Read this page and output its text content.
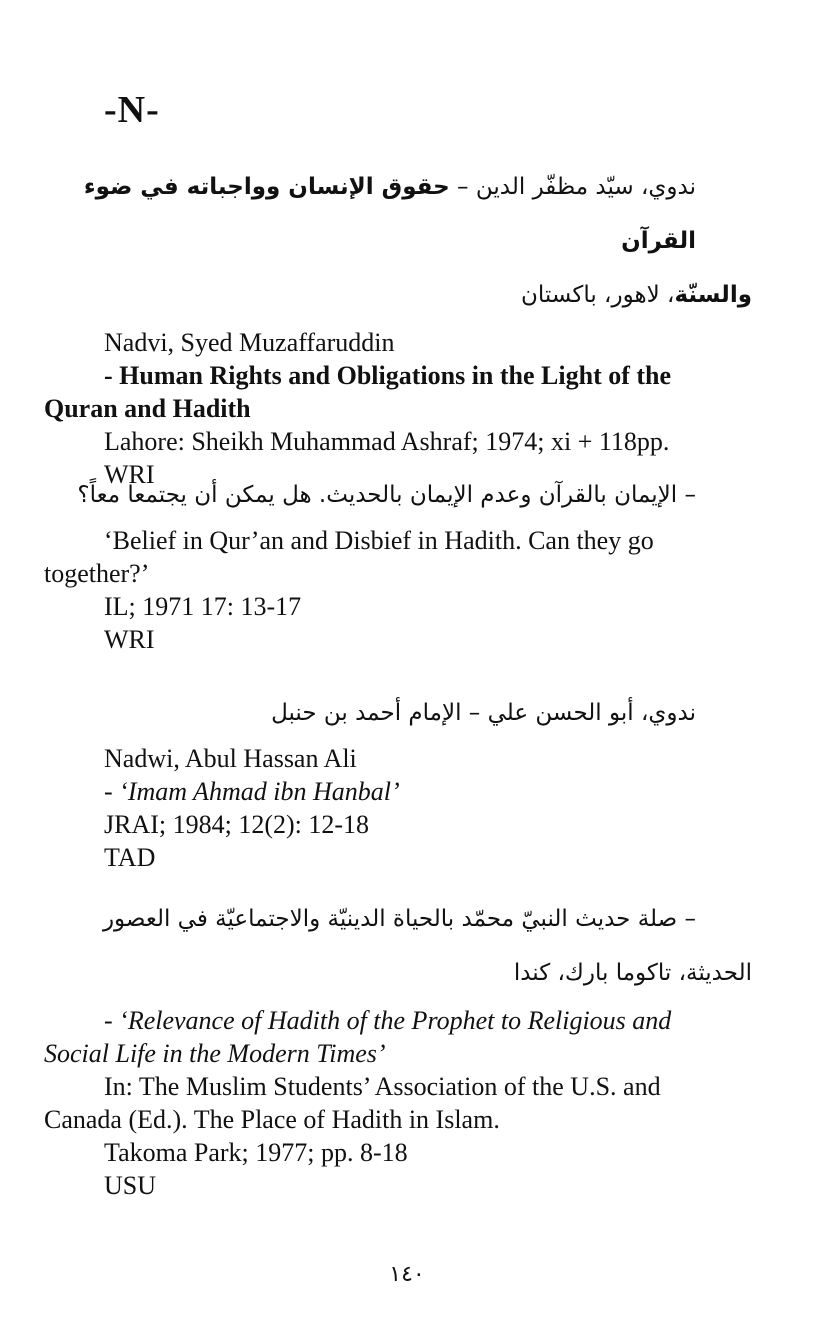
-N-
ندوي، سيّد مظفّر الدين – حقوق الإنسان وواجباته في ضوء القرآن
والسنّة، لاهور، باكستان

Nadvi, Syed Muzaffaruddin

- Human Rights and Obligations in the Light of the

Quran and Hadith

Lahore: Sheikh Muhammad Ashraf; 1974; xi + 118pp.

WRI

– الإيمان بالقرآن وعدم الإيمان بالحديث. هل يمكن أن يجتمعا معاً؟

‘Belief in Qur’an and Disbief in Hadith. Can they go

together?’

IL; 1971 17: 13-17

WRI

ندوي، أبو الحسن علي – الإمام أحمد بن حنبل

Nadwi, Abul Hassan Ali

- ‘Imam Ahmad ibn Hanbal’

JRAI; 1984; 12(2): 12-18

TAD

– صلة حديث النبيّ محمّد بالحياة الدينيّة والاجتماعيّة في العصور
الحديثة، تاكوما بارك، كندا

- ‘Relevance of Hadith of the Prophet to Religious and

Social Life in the Modern Times’

In: The Muslim Students’ Association of the U.S. and

Canada (Ed.). The Place of Hadith in Islam.

Takoma Park; 1977; pp. 8-18

USU

١٤٠
